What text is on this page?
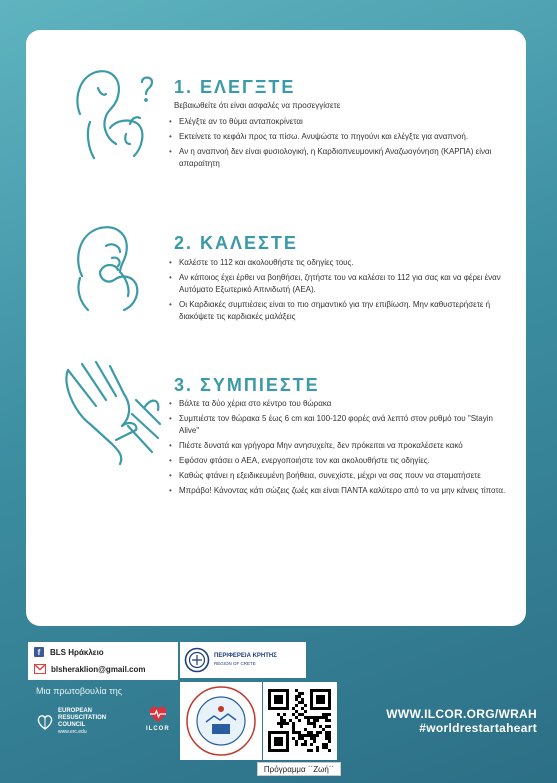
1. ΕΛΕΓΞΤΕ

Βεβαιωθείτε ότι είναι ασφαλές να προσεγγίσετε

• Ελέγξτε αν το θύμα ανταποκρίνεται
• Εκτείνετε το κεφάλι προς τα πίσω. Ανυψώστε το πηγούνι και ελέγξτε για αναπνοή.
• Αν η αναπνοή δεν είναι φυσιολογική, η Καρδιοπνευμονική Αναζωογόνηση (ΚΑΡΠΑ) είναι απαραίτητη
2. ΚΑΛΕΣΤΕ
• Καλέστε το 112 και ακολουθήστε τις οδηγίες τους.
• Αν κάποιος έχει έρθει να βοηθήσει, ζητήστε του να καλέσει το 112 για σας και να φέρει έναν Αυτόματο Εξωτερικό Απινιδωτή (ΑΕΑ).
• Οι Καρδιακές συμπιέσεις είναι το πιο σημαντικό για την επιβίωση. Μην καθυστερήσετε ή διακόψετε τις καρδιακές μαλάξεις
3. ΣΥΜΠΙΕΣΤΕ
• Βάλτε τα δύο χέρια στο κέντρο του θώρακα
• Συμπιέστε τον θώρακα 5 έως 6 cm και 100-120 φορές ανά λεπτό στον ρυθμό του "Stayin Alive"
• Πιέστε δυνατά και γρήγορα Μην ανησυχείτε, δεν πρόκειται να προκαλέσετε κακό
• Εφόσον φτάσει ο ΑΕΑ, ενεργοποιήστε τον και ακολουθήστε τις οδηγίες.
• Καθώς φτάνει η εξειδικευμένη βοήθεια, συνεχίστε, μέχρι να σας πουν να σταματήσετε
• Μπράβο! Κάνοντας κάτι σώζεις ζωές και είναι ΠΑΝΤΑ καλύτερο από το να μην κάνεις τίποτα.
f	BLS Ηράκλειο
blsheraklion@gmail.com
Μια πρωτοβουλία της
EUROPEAN
RESUSCITATION
COUNCIL
www.erc.edu	ILCOR
ΠΕΡΙΦΕΡΕΙΑ ΚΡΗΤΗΣ
REGION OF CRETE
Πρόγραμμα ΄΄Ζωή΄΄
WWW.ILCOR.ORG/WRAH
#worldrestartaheart
